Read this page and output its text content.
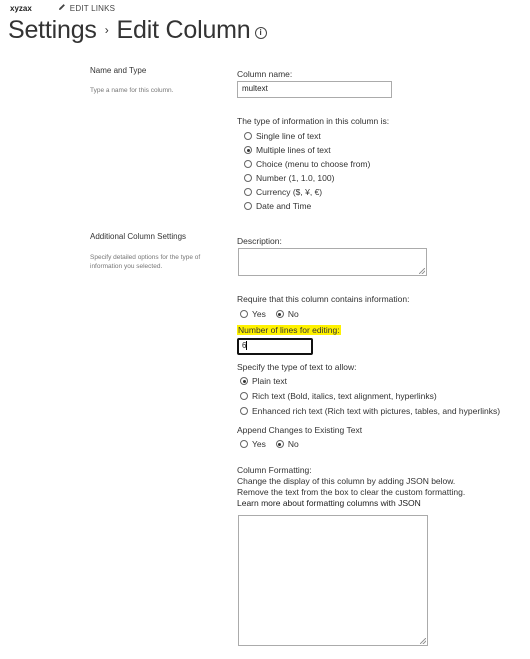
xyzax	EDIT LINKS
Settings › Edit Column i
Name and Type
Type a name for this column.
Column name:
multext
The type of information in this column is:
Single line of text
Multiple lines of text
Choice (menu to choose from)
Number (1, 1.0, 100)
Currency ($, ¥, €)
Date and Time
Additional Column Settings
Specify detailed options for the type of information you selected.
Description:
Require that this column contains information:
Yes	No
Number of lines for editing:
6
Specify the type of text to allow:
Plain text
Rich text (Bold, italics, text alignment, hyperlinks)
Enhanced rich text (Rich text with pictures, tables, and hyperlinks)
Append Changes to Existing Text
Yes	No
Column Formatting:
Change the display of this column by adding JSON below.
Remove the text from the box to clear the custom formatting.
Learn more about formatting columns with JSON
